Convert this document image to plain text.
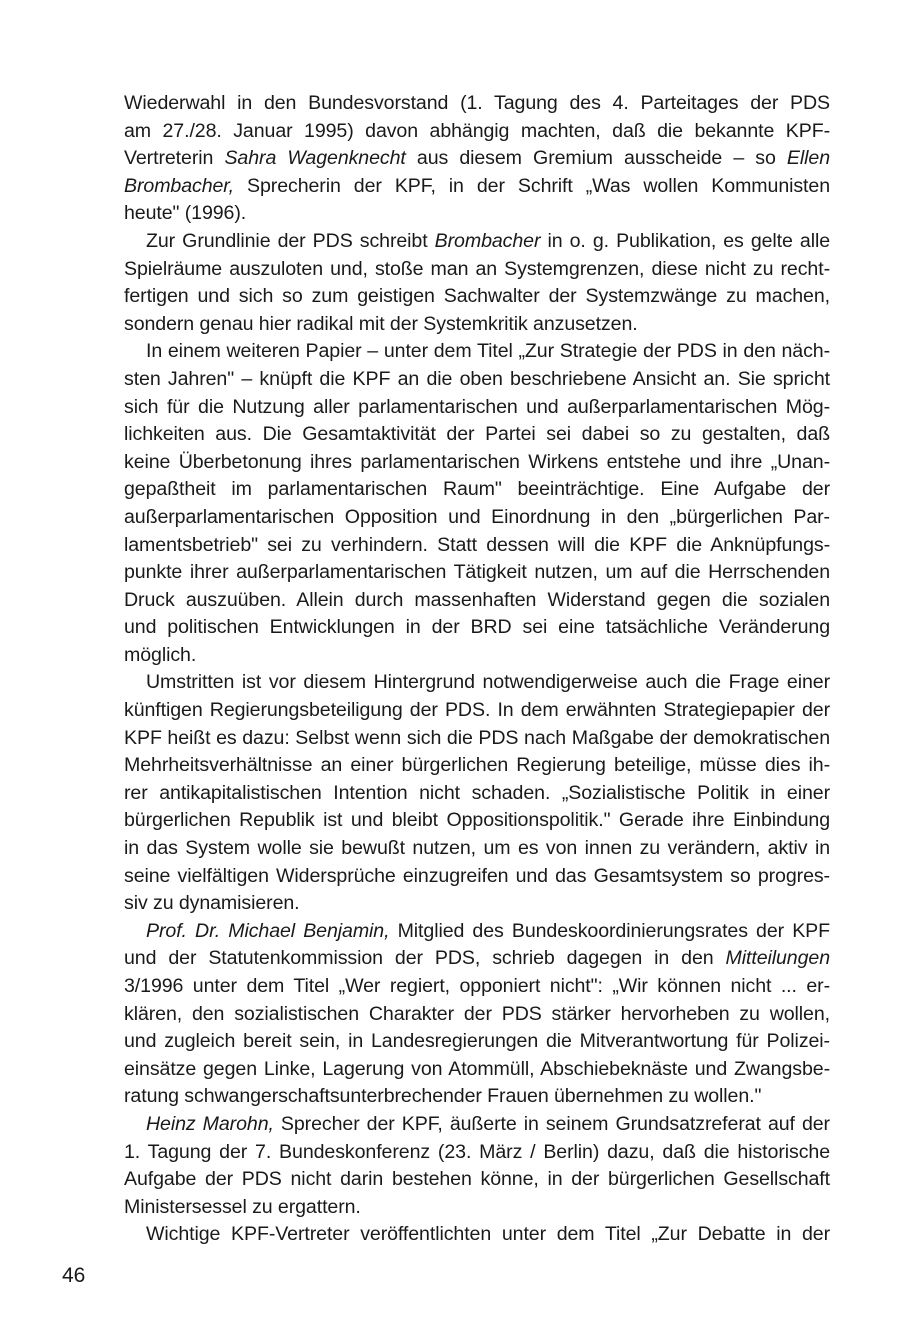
Wiederwahl in den Bundesvorstand (1. Tagung des 4. Parteitages der PDS
am 27./28. Januar 1995) davon abhängig machten, daß die bekannte KPF-
Vertreterin Sahra Wagenknecht aus diesem Gremium ausscheide – so Ellen
Brombacher, Sprecherin der KPF, in der Schrift „Was wollen Kommunisten
heute" (1996).
Zur Grundlinie der PDS schreibt Brombacher in o. g. Publikation, es gelte alle
Spielräume auszuloten und, stoße man an Systemgrenzen, diese nicht zu recht-
fertigen und sich so zum geistigen Sachwalter der Systemzwänge zu machen,
sondern genau hier radikal mit der Systemkritik anzusetzen.
In einem weiteren Papier – unter dem Titel „Zur Strategie der PDS in den näch-
sten Jahren" – knüpft die KPF an die oben beschriebene Ansicht an. Sie spricht
sich für die Nutzung aller parlamentarischen und außerparlamentarischen Mög-
lichkeiten aus. Die Gesamtaktivität der Partei sei dabei so zu gestalten, daß
keine Überbetonung ihres parlamentarischen Wirkens entstehe und ihre „Unan-
gepaßtheit im parlamentarischen Raum" beeinträchtige. Eine Aufgabe der
außerparlamentarischen Opposition und Einordnung in den „bürgerlichen Par-
lamentsbetrieb" sei zu verhindern. Statt dessen will die KPF die Anknüpfungs-
punkte ihrer außerparlamentarischen Tätigkeit nutzen, um auf die Herrschenden
Druck auszuüben. Allein durch massenhaften Widerstand gegen die sozialen
und politischen Entwicklungen in der BRD sei eine tatsächliche Veränderung
möglich.
Umstritten ist vor diesem Hintergrund notwendigerweise auch die Frage einer
künftigen Regierungsbeteiligung der PDS. In dem erwähnten Strategiepapier der
KPF heißt es dazu: Selbst wenn sich die PDS nach Maßgabe der demokratischen
Mehrheitsverhältnisse an einer bürgerlichen Regierung beteilige, müsse dies ih-
rer antikapitalistischen Intention nicht schaden. „Sozialistische Politik in einer
bürgerlichen Republik ist und bleibt Oppositionspolitik." Gerade ihre Einbindung
in das System wolle sie bewußt nutzen, um es von innen zu verändern, aktiv in
seine vielfältigen Widersprüche einzugreifen und das Gesamtsystem so progres-
siv zu dynamisieren.
Prof. Dr. Michael Benjamin, Mitglied des Bundeskoordinierungsrates der KPF
und der Statutenkommission der PDS, schrieb dagegen in den Mitteilungen
3/1996 unter dem Titel „Wer regiert, opponiert nicht": „Wir können nicht ... er-
klären, den sozialistischen Charakter der PDS stärker hervorheben zu wollen,
und zugleich bereit sein, in Landesregierungen die Mitverantwortung für Polizei-
einsätze gegen Linke, Lagerung von Atommüll, Abschiebeknäste und Zwangsbe-
ratung schwangerschaftsunterbrechender Frauen übernehmen zu wollen."
Heinz Marohn, Sprecher der KPF, äußerte in seinem Grundsatzreferat auf der
1. Tagung der 7. Bundeskonferenz (23. März / Berlin) dazu, daß die historische
Aufgabe der PDS nicht darin bestehen könne, in der bürgerlichen Gesellschaft
Ministersessel zu ergattern.
Wichtige KPF-Vertreter veröffentlichten unter dem Titel „Zur Debatte in der
46
